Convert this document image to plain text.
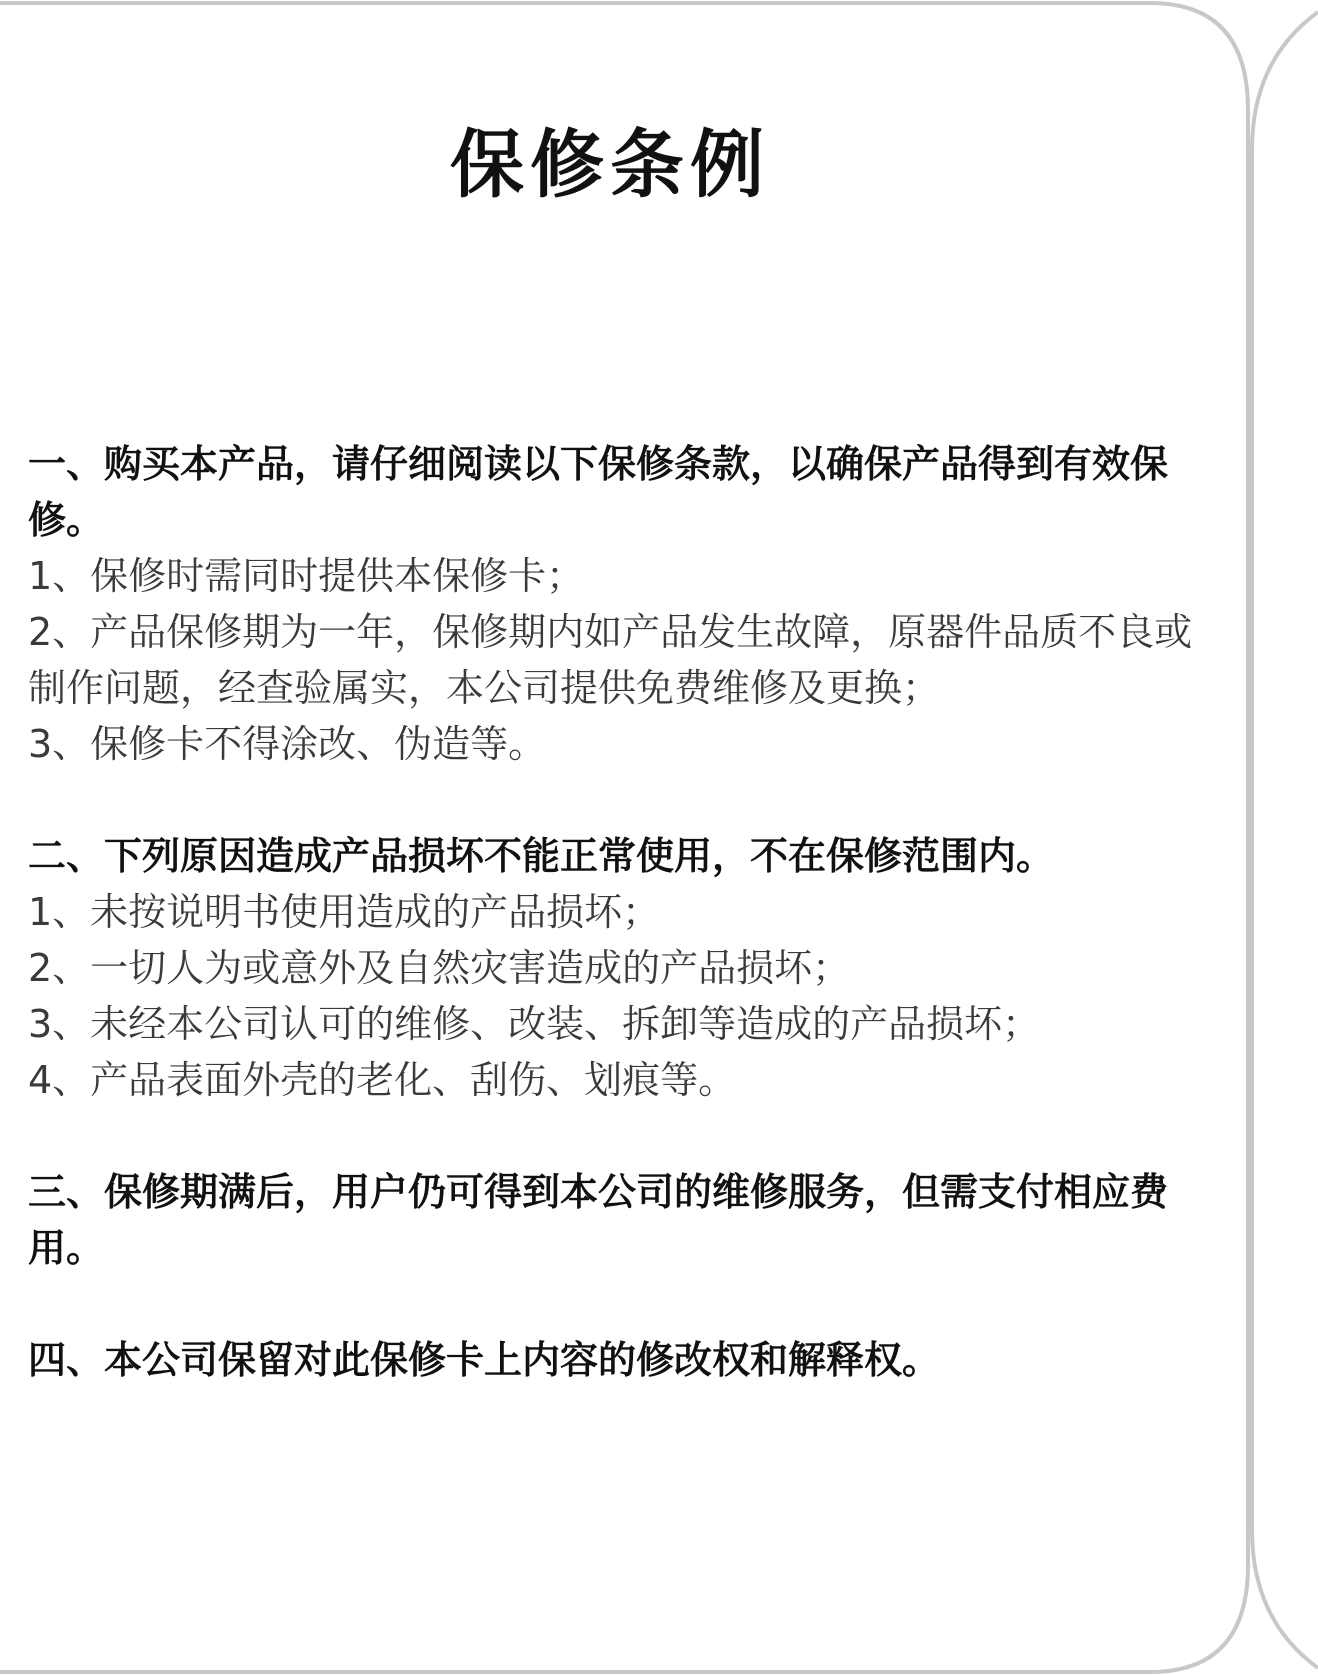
保修条例

一、购买本产品，请仔细阅读以下保修条款，以确保产品得到有效保修。

1、保修时需同时提供本保修卡；

2、产品保修期为一年，保修期内如产品发生故障，原器件品质不良或制作问题，经查验属实，本公司提供免费维修及更换；

3、保修卡不得涂改、伪造等。

二、下列原因造成产品损坏不能正常使用，不在保修范围内。

1、未按说明书使用造成的产品损坏；

2、一切人为或意外及自然灾害造成的产品损坏；

3、未经本公司认可的维修、改装、拆卸等造成的产品损坏；

4、产品表面外壳的老化、刮伤、划痕等。

三、保修期满后，用户仍可得到本公司的维修服务，但需支付相应费用。

四、本公司保留对此保修卡上内容的修改权和解释权。
